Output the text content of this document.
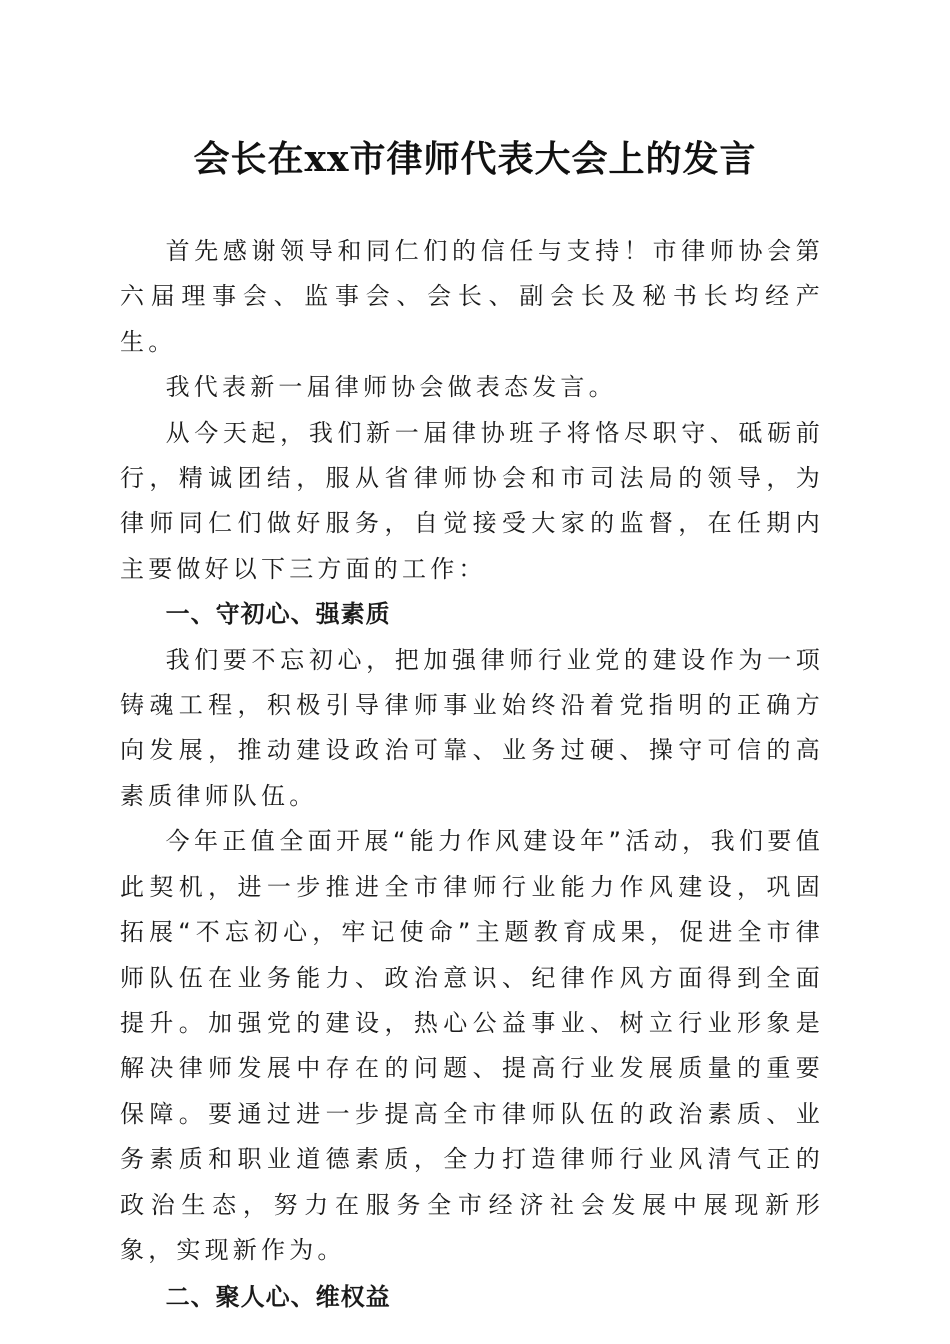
会长在xx市律师代表大会上的发言

首先感谢领导和同仁们的信任与支持！市律师协会第六届理事会、监事会、会长、副会长及秘书长均经产生。

我代表新一届律师协会做表态发言。

从今天起，我们新一届律协班子将恪尽职守、砥砺前行，精诚团结，服从省律师协会和市司法局的领导，为律师同仁们做好服务，自觉接受大家的监督，在任期内主要做好以下三方面的工作：

一、守初心、强素质

我们要不忘初心，把加强律师行业党的建设作为一项铸魂工程，积极引导律师事业始终沿着党指明的正确方向发展，推动建设政治可靠、业务过硬、操守可信的高素质律师队伍。

今年正值全面开展“能力作风建设年”活动，我们要值此契机，进一步推进全市律师行业能力作风建设，巩固拓展“不忘初心，牢记使命”主题教育成果，促进全市律师队伍在业务能力、政治意识、纪律作风方面得到全面提升。加强党的建设，热心公益事业、树立行业形象是解决律师发展中存在的问题、提高行业发展质量的重要保障。要通过进一步提高全市律师队伍的政治素质、业务素质和职业道德素质，全力打造律师行业风清气正的政治生态，努力在服务全市经济社会发展中展现新形象，实现新作为。

二、聚人心、维权益
